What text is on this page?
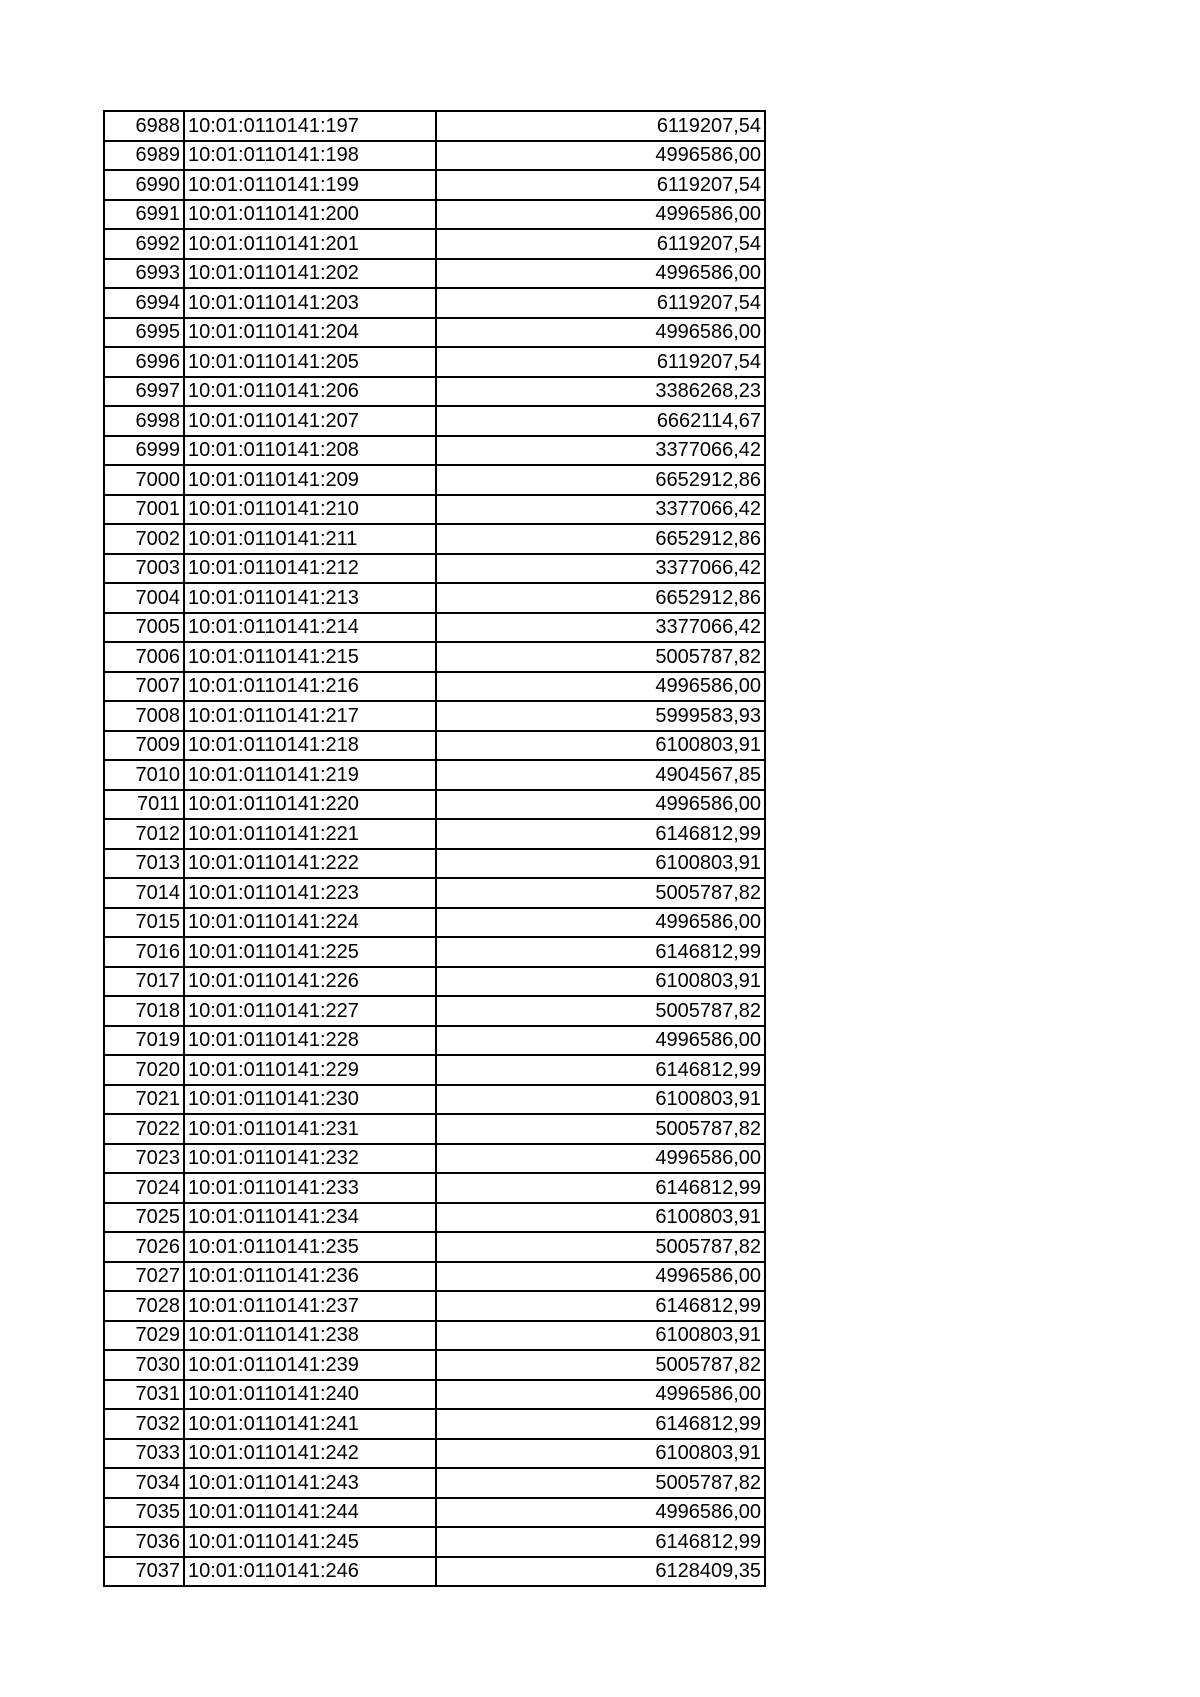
6988	10:01:0110141:197	6119207,54
6989	10:01:0110141:198	4996586,00
6990	10:01:0110141:199	6119207,54
6991	10:01:0110141:200	4996586,00
6992	10:01:0110141:201	6119207,54
6993	10:01:0110141:202	4996586,00
6994	10:01:0110141:203	6119207,54
6995	10:01:0110141:204	4996586,00
6996	10:01:0110141:205	6119207,54
6997	10:01:0110141:206	3386268,23
6998	10:01:0110141:207	6662114,67
6999	10:01:0110141:208	3377066,42
7000	10:01:0110141:209	6652912,86
7001	10:01:0110141:210	3377066,42
7002	10:01:0110141:211	6652912,86
7003	10:01:0110141:212	3377066,42
7004	10:01:0110141:213	6652912,86
7005	10:01:0110141:214	3377066,42
7006	10:01:0110141:215	5005787,82
7007	10:01:0110141:216	4996586,00
7008	10:01:0110141:217	5999583,93
7009	10:01:0110141:218	6100803,91
7010	10:01:0110141:219	4904567,85
7011	10:01:0110141:220	4996586,00
7012	10:01:0110141:221	6146812,99
7013	10:01:0110141:222	6100803,91
7014	10:01:0110141:223	5005787,82
7015	10:01:0110141:224	4996586,00
7016	10:01:0110141:225	6146812,99
7017	10:01:0110141:226	6100803,91
7018	10:01:0110141:227	5005787,82
7019	10:01:0110141:228	4996586,00
7020	10:01:0110141:229	6146812,99
7021	10:01:0110141:230	6100803,91
7022	10:01:0110141:231	5005787,82
7023	10:01:0110141:232	4996586,00
7024	10:01:0110141:233	6146812,99
7025	10:01:0110141:234	6100803,91
7026	10:01:0110141:235	5005787,82
7027	10:01:0110141:236	4996586,00
7028	10:01:0110141:237	6146812,99
7029	10:01:0110141:238	6100803,91
7030	10:01:0110141:239	5005787,82
7031	10:01:0110141:240	4996586,00
7032	10:01:0110141:241	6146812,99
7033	10:01:0110141:242	6100803,91
7034	10:01:0110141:243	5005787,82
7035	10:01:0110141:244	4996586,00
7036	10:01:0110141:245	6146812,99
7037	10:01:0110141:246	6128409,35
